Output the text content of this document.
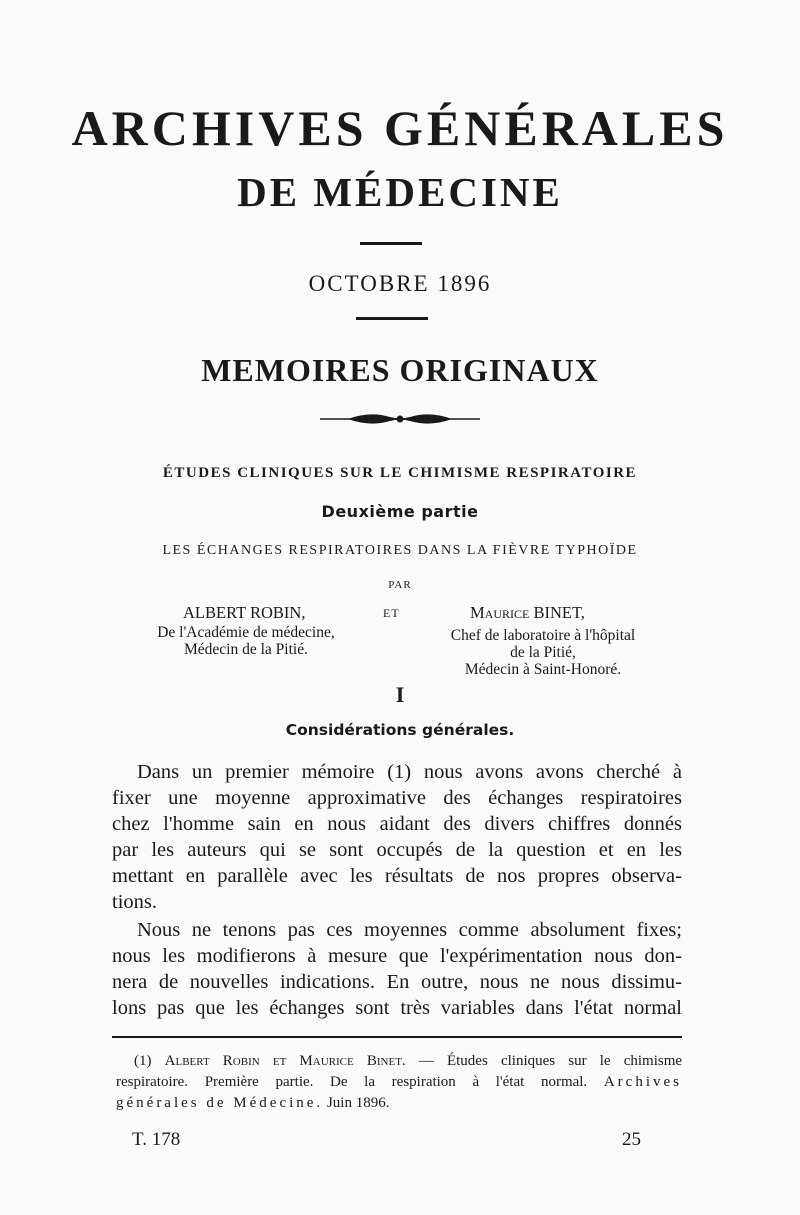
ARCHIVES GÉNÉRALES
DE MÉDECINE
OCTOBRE 1896
MEMOIRES ORIGINAUX
ÉTUDES CLINIQUES SUR LE CHIMISME RESPIRATOIRE
Deuxième partie
LES ÉCHANGES RESPIRATOIRES DANS LA FIÈVRE TYPHOÏDE
PAR
ALBERT ROBIN,
De l'Académie de médecine,
Médecin de la Pitié.
ET	Maurice BINET,
Chef de laboratoire à l'hôpital
de la Pitié,
Médecin à Saint-Honoré.
I
Considérations générales.
Dans un premier mémoire (1) nous avons avons cherché à
fixer une moyenne approximative des échanges respiratoires
chez l'homme sain en nous aidant des divers chiffres donnés
par les auteurs qui se sont occupés de la question et en les
mettant en parallèle avec les résultats de nos propres observa-
tions.
Nous ne tenons pas ces moyennes comme absolument fixes;
nous les modifierons à mesure que l'expérimentation nous don-
nera de nouvelles indications. En outre, nous ne nous dissimu-
lons pas que les échanges sont très variables dans l'état normal
(1) Albert Robin et Maurice Binet. — Études cliniques sur le chimisme
respiratoire. Première partie. De la respiration à l'état normal. Archives
générales de Médecine. Juin 1896.
T. 178	25
